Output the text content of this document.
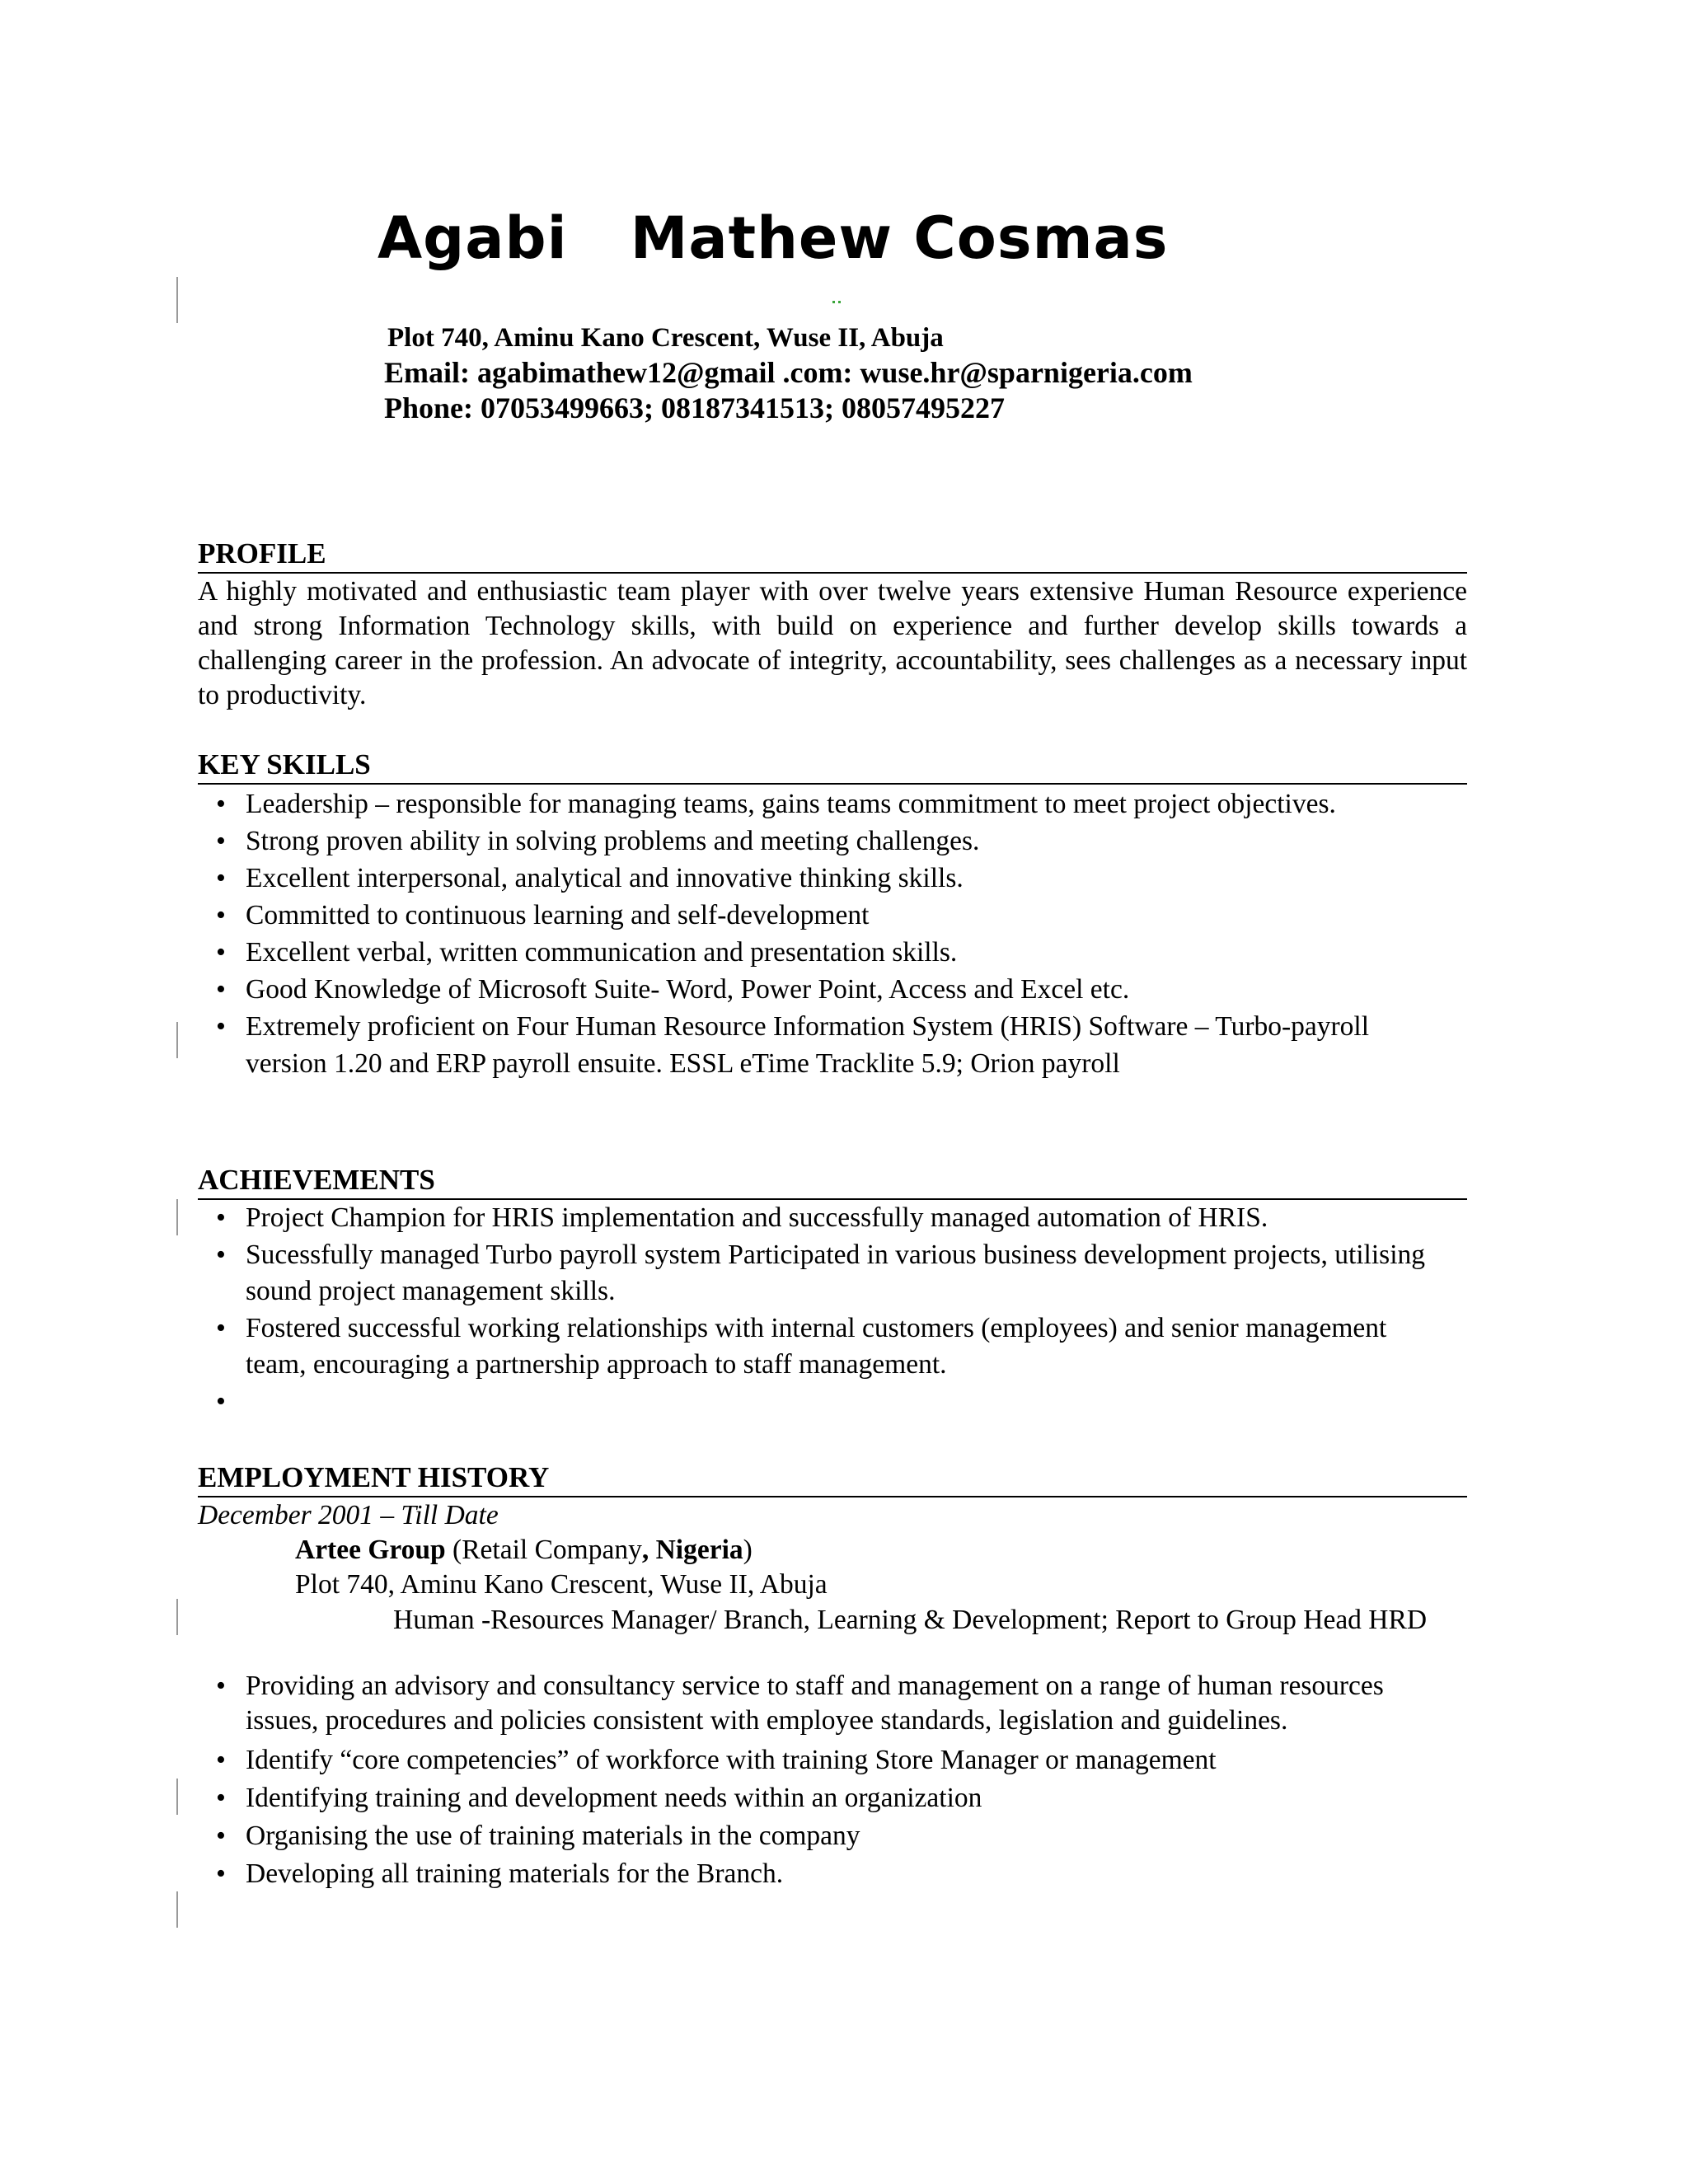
Agabi   Mathew Cosmas
Plot 740, Aminu Kano Crescent, Wuse II, Abuja
Email: agabimathew12@gmail .com: wuse.hr@sparnigeria.com
Phone: 07053499663; 08187341513; 08057495227
PROFILE
A highly motivated and enthusiastic team player with over twelve years extensive Human Resource experience and strong Information Technology skills, with build on experience and further develop skills towards a challenging career in the profession. An advocate of integrity, accountability, sees challenges as a necessary input to productivity.
KEY SKILLS
• Leadership – responsible for managing teams, gains teams commitment to meet project objectives.
• Strong proven ability in solving problems and meeting challenges.
• Excellent interpersonal, analytical and innovative thinking skills.
• Committed to continuous learning and self-development
• Excellent verbal, written communication and presentation skills.
• Good Knowledge of Microsoft Suite- Word, Power Point, Access and Excel etc.
• Extremely proficient on Four Human Resource Information System (HRIS) Software – Turbo-payroll version 1.20 and ERP payroll ensuite. ESSL eTime Tracklite 5.9; Orion payroll
ACHIEVEMENTS
• Project Champion for HRIS implementation and successfully managed automation of HRIS.
• Sucessfully managed Turbo payroll system Participated in various business development projects, utilising sound project management skills.
• Fostered successful working relationships with internal customers (employees) and senior management team, encouraging a partnership approach to staff management.
•
EMPLOYMENT HISTORY
December 2001 – Till Date
Artee Group (Retail Company, Nigeria)
Plot 740, Aminu Kano Crescent, Wuse II, Abuja
Human -Resources Manager/ Branch, Learning & Development; Report to Group Head HRD
• Providing an advisory and consultancy service to staff and management on a range of human resources issues, procedures and policies consistent with employee standards, legislation and guidelines.
• Identify “core competencies” of workforce with training Store Manager or management
• Identifying training and development needs within an organization
• Organising the use of training materials in the company
• Developing all training materials for the Branch.
